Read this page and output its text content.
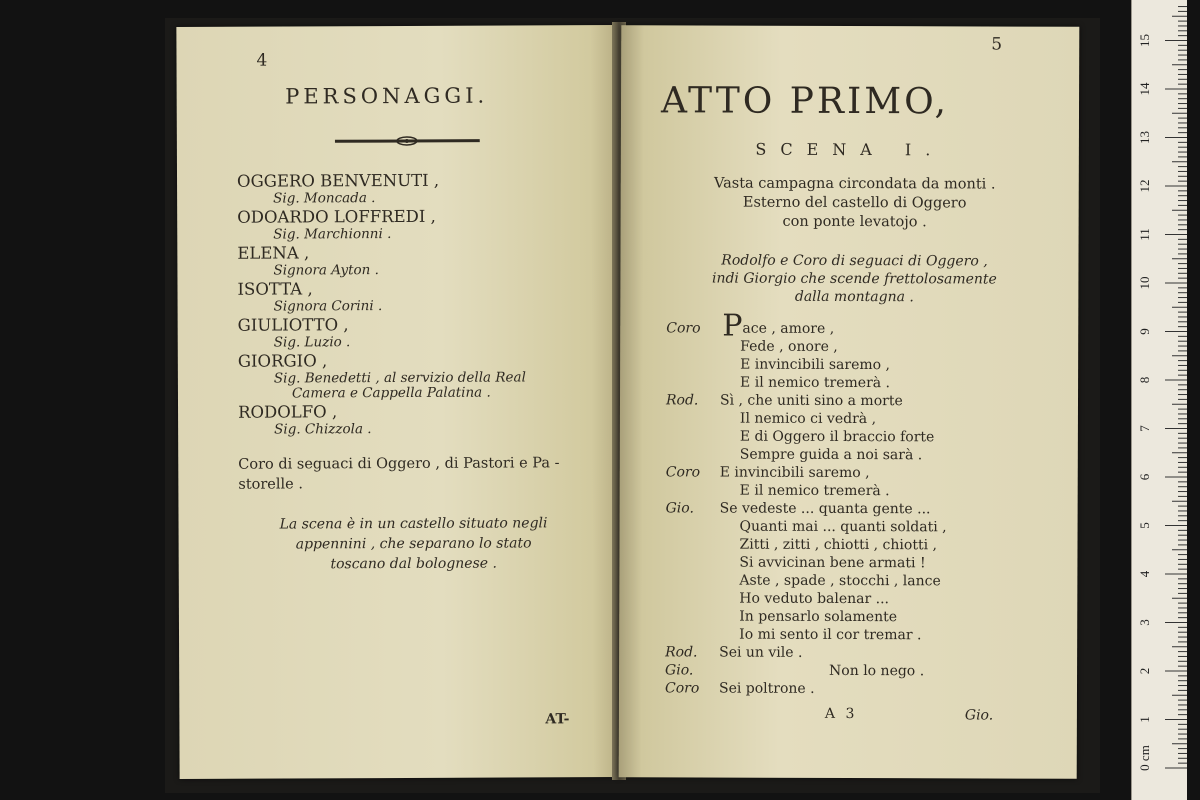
4
PERSONAGGI.
OGGERO BENVENUTI ,
Sig. Moncada .
ODOARDO LOFFREDI ,
Sig. Marchionni .
ELENA ,
Signora Ayton .
ISOTTA ,
Signora Corini .
GIULIOTTO ,
Sig. Luzio .
GIORGIO ,
Sig. Benedetti , al servizio della Real
Camera e Cappella Palatina .
RODOLFO ,
Sig. Chizzola .
Coro di seguaci di Oggero , di Pastori e Pa -
storelle .
La scena è in un castello situato negli
appennini , che separano lo stato
toscano dal bolognese .
AT-
5
ATTO PRIMO,
SCENA I.
Vasta campagna circondata da monti .
Esterno del castello di Oggero
con ponte levatojo .
Rodolfo e Coro di seguaci di Oggero ,
indi Giorgio che scende frettolosamente
dalla montagna .
Coro Pace , amore ,
Fede , onore ,
E invincibili saremo ,
E il nemico tremerà .
Rod. Sì , che uniti sino a morte
Il nemico ci vedrà ,
E di Oggero il braccio forte
Sempre guida a noi sarà .
Coro E invincibili saremo ,
E il nemico tremerà .
Gio. Se vedeste ... quanta gente ...
Quanti mai ... quanti soldati ,
Zitti , zitti , chiotti , chiotti ,
Si avvicinan bene armati !
Aste , spade , stocchi , lance
Ho veduto balenar ...
In pensarlo solamente
Io mi sento il cor tremar .
Rod. Sei un vile .
Gio.	Non lo nego .
Coro Sei poltrone .
A 3	Gio.
0 cm
1
2
3
4
5
6
7
8
9
10
11
12
13
14
15
